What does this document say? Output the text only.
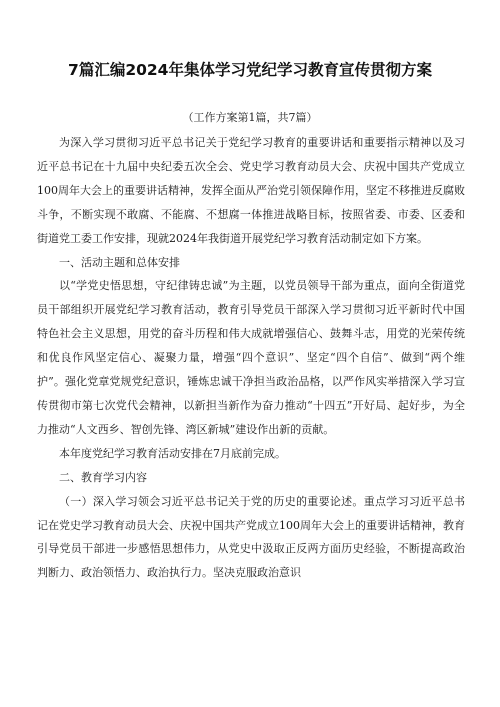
7篇汇编2024年集体学习党纪学习教育宣传贯彻方案
（工作方案第1篇，共7篇）

为深入学习贯彻习近平总书记关于党纪学习教育的重要讲话和重要指示精神以及习近平总书记在十九届中央纪委五次全会、党史学习教育动员大会、庆祝中国共产党成立100周年大会上的重要讲话精神，发挥全面从严治党引领保障作用，坚定不移推进反腐败斗争，不断实现不敢腐、不能腐、不想腐一体推进战略目标，按照省委、市委、区委和街道党工委工作安排，现就2024年我街道开展党纪学习教育活动制定如下方案。

一、活动主题和总体安排

以“学党史悟思想，守纪律铸忠诚”为主题，以党员领导干部为重点，面向全街道党员干部组织开展党纪学习教育活动，教育引导党员干部深入学习贯彻习近平新时代中国特色社会主义思想，用党的奋斗历程和伟大成就增强信心、鼓舞斗志，用党的光荣传统和优良作风坚定信心、凝聚力量，增强“四个意识”、坚定“四个自信”、做到“两个维护”。强化党章党规党纪意识，锤炼忠诚干净担当政治品格，以严作风实举措深入学习宣传贯彻市第七次党代会精神，以新担当新作为奋力推动“十四五”开好局、起好步，为全力推动“人文西乡、智创先锋、湾区新城”建设作出新的贡献。

本年度党纪学习教育活动安排在7月底前完成。

二、教育学习内容

（一）深入学习领会习近平总书记关于党的历史的重要论述。重点学习习近平总书记在党史学习教育动员大会、庆祝中国共产党成立100周年大会上的重要讲话精神，教育引导党员干部进一步感悟思想伟力，从党史中汲取正反两方面历史经验，不断提高政治判断力、政治领悟力、政治执行力。坚决克服政治意识
